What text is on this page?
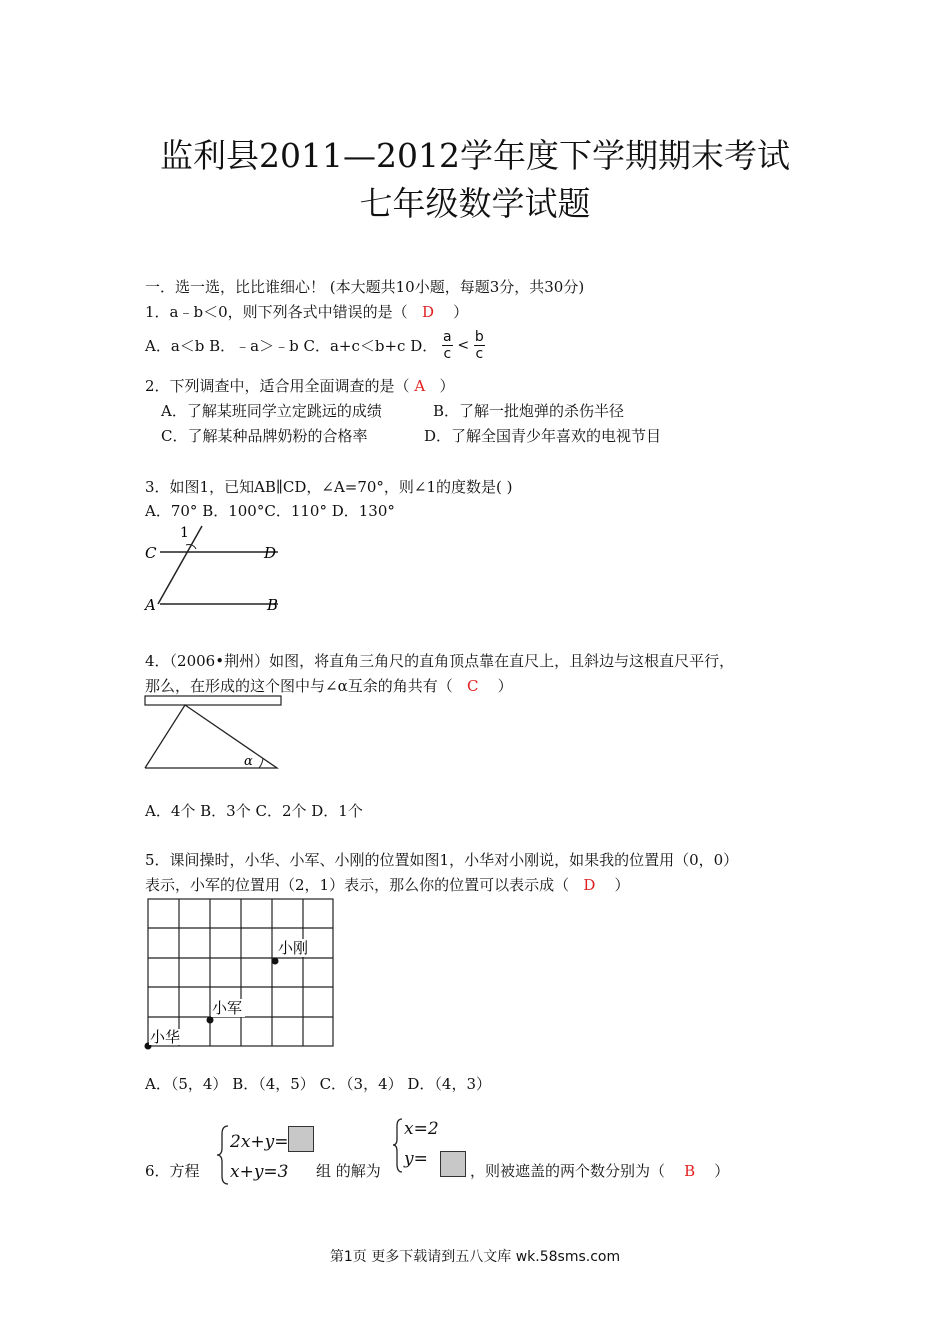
监利县2011—2012学年度下学期期末考试
七年级数学试题
一．选一选，比比谁细心！ (本大题共10小题，每题3分，共30分)
1．a﹣b＜0，则下列各式中错误的是（ D ）
A．a＜b B．﹣a＞﹣b C．a+c＜b+c D． $\frac{a}{c} < \frac{b}{c}$
2．下列调查中，适合用全面调查的是（ A ）
A．了解某班同学立定跳远的成绩	B．了解一批炮弹的杀伤半径
C．了解某种品牌奶粉的合格率	D．了解全国青少年喜欢的电视节目
3．如图1，已知AB∥CD，∠A=70°，则∠1的度数是( )
A．70° B．100°C．110° D．130°
1
C	D
A	B
4．（2006•荆州）如图，将直角三角尺的直角顶点靠在直尺上，且斜边与这根直尺平行，
那么，在形成的这个图中与∠α互余的角共有（ C ）
α
A．4个 B．3个 C．2个 D．1个
5．课间操时，小华、小军、小刚的位置如图1，小华对小刚说，如果我的位置用（0，0）
表示，小军的位置用（2，1）表示，那么你的位置可以表示成（ D ）
小刚
小军
小华
A．（5，4） B．（4，5） C．（3，4） D．（4，3）
6．方程
2x+y=
x+y=3 组 的解为
x=2
y=
，则被遮盖的两个数分别为（ B ）
第1页 更多下载请到五八文库 wk.58sms.com
